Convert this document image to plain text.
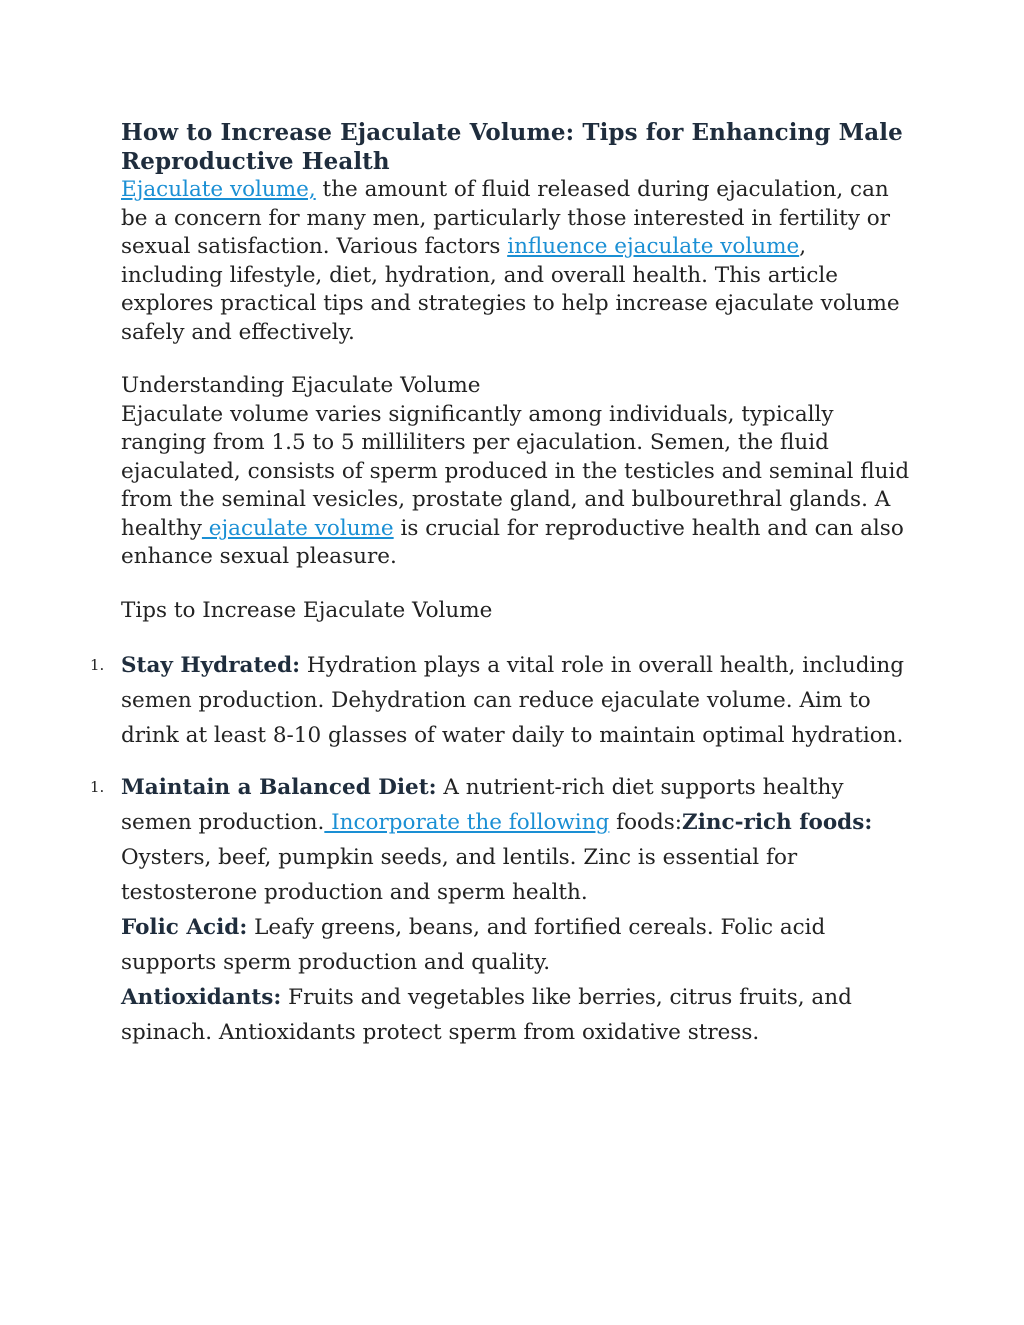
How to Increase Ejaculate Volume: Tips for Enhancing Male Reproductive Health

Ejaculate volume, the amount of fluid released during ejaculation, can be a concern for many men, particularly those interested in fertility or sexual satisfaction. Various factors influence ejaculate volume, including lifestyle, diet, hydration, and overall health. This article explores practical tips and strategies to help increase ejaculate volume safely and effectively.

Understanding Ejaculate Volume

Ejaculate volume varies significantly among individuals, typically ranging from 1.5 to 5 milliliters per ejaculation. Semen, the fluid ejaculated, consists of sperm produced in the testicles and seminal fluid from the seminal vesicles, prostate gland, and bulbourethral glands. A healthy ejaculate volume is crucial for reproductive health and can also enhance sexual pleasure.

Tips to Increase Ejaculate Volume
1. Stay Hydrated: Hydration plays a vital role in overall health, including semen production. Dehydration can reduce ejaculate volume. Aim to drink at least 8-10 glasses of water daily to maintain optimal hydration.
1. Maintain a Balanced Diet: A nutrient-rich diet supports healthy semen production. Incorporate the following foods:Zinc-rich foods: Oysters, beef, pumpkin seeds, and lentils. Zinc is essential for testosterone production and sperm health.
Folic Acid: Leafy greens, beans, and fortified cereals. Folic acid supports sperm production and quality.
Antioxidants: Fruits and vegetables like berries, citrus fruits, and spinach. Antioxidants protect sperm from oxidative stress.
